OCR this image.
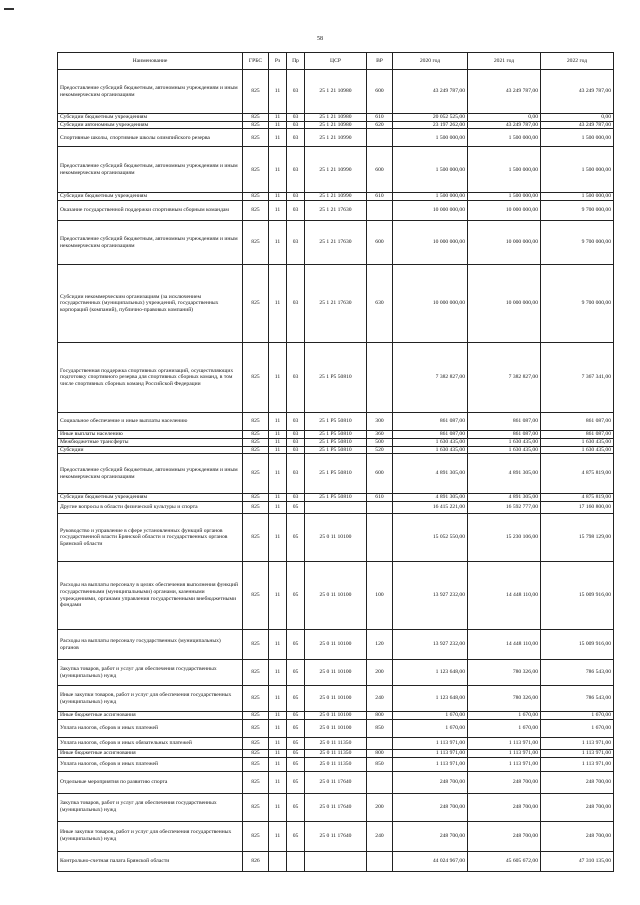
58
Наименование	ГРБС	Рз	Пр	ЦСР	ВР	2020 год	2021 год	2022 год
Предоставление субсидий бюджетным, автономным учреждениям и иным некоммерческим организациям	825	11	03	25 1 21 10980	600	43 249 787,00	43 249 787,00	43 249 787,00
Субсидии бюджетным учреждениям	825	11	03	25 1 21 10980	610	20 052 525,00	0,00	0,00
Субсидии автономным учреждениям	825	11	03	25 1 21 10980	620	23 197 262,00	43 249 787,00	43 249 787,00
Спортивные школы, спортивные школы олимпийского резерва	825	11	03	25 1 21 10990		1 500 000,00	1 500 000,00	1 500 000,00
Предоставление субсидий бюджетным, автономным учреждениям и иным некоммерческим организациям	825	11	03	25 1 21 10990	600	1 500 000,00	1 500 000,00	1 500 000,00
Субсидии бюджетным учреждениям	825	11	03	25 1 21 10990	610	1 500 000,00	1 500 000,00	1 500 000,00
Оказание государственной поддержки спортивным сборным командам	825	11	03	25 1 21 17630		10 000 000,00	10 000 000,00	9 700 000,00
Предоставление субсидий бюджетным, автономным учреждениям и иным некоммерческим организациям	825	11	03	25 1 21 17630	600	10 000 000,00	10 000 000,00	9 700 000,00
Субсидии некоммерческим организациям (за исключением государственных (муниципальных) учреждений, государственных корпораций (компаний), публично-правовых компаний)	825	11	03	25 1 21 17630	630	10 000 000,00	10 000 000,00	9 700 000,00
Государственная поддержка спортивных организаций, осуществляющих подготовку спортивного резерва для спортивных сборных команд, в том числе спортивных сборных команд Российской Федерации	825	11	03	25 1 P5 50810		7 382 827,00	7 382 827,00	7 367 341,00
Социальное обеспечение и иные выплаты населению	825	11	03	25 1 P5 50810	300	861 087,00	861 087,00	861 087,00
Иные выплаты населению	825	11	03	25 1 P5 50810	360	861 087,00	861 087,00	861 087,00
Межбюджетные трансферты	825	11	03	25 1 P5 50810	500	1 630 435,00	1 630 435,00	1 630 435,00
Субсидии	825	11	03	25 1 P5 50810	520	1 630 435,00	1 630 435,00	1 630 435,00
Предоставление субсидий бюджетным, автономным учреждениям и иным некоммерческим организациям	825	11	03	25 1 P5 50810	600	4 891 305,00	4 891 305,00	4 875 819,00
Субсидии бюджетным учреждениям	825	11	03	25 1 P5 50810	610	4 891 305,00	4 891 305,00	4 875 819,00
Другие вопросы в области физической культуры и спорта	825	11	05			16 415 221,00	16 592 777,00	17 160 800,00
Руководство и управление в сфере установленных функций органов государственной власти Брянской области и государственных органов Брянской области	825	11	05	25 0 11 10100		15 052 550,00	15 230 106,00	15 798 129,00
Расходы на выплаты персоналу в целях обеспечения выполнения функций государственными (муниципальными) органами, казенными учреждениями, органами управления государственными внебюджетными фондами	825	11	05	25 0 11 10100	100	13 927 232,00	14 448 110,00	15 009 916,00
Расходы на выплаты персоналу государственных (муниципальных) органов	825	11	05	25 0 11 10100	120	13 927 232,00	14 448 110,00	15 009 916,00
Закупка товаров, работ и услуг для обеспечения государственных (муниципальных) нужд	825	11	05	25 0 11 10100	200	1 123 648,00	780 326,00	786 543,00
Иные закупки товаров, работ и услуг для обеспечения государственных (муниципальных) нужд	825	11	05	25 0 11 10100	240	1 123 648,00	780 326,00	786 543,00
Иные бюджетные ассигнования	825	11	05	25 0 11 10100	800	1 670,00	1 670,00	1 670,00
Уплата налогов, сборов и иных платежей	825	11	05	25 0 11 10100	850	1 670,00	1 670,00	1 670,00
Уплата налогов, сборов и иных обязательных платежей	825	11	05	25 0 11 11350		1 113 971,00	1 113 971,00	1 113 971,00
Иные бюджетные ассигнования	825	11	05	25 0 11 11350	800	1 113 971,00	1 113 971,00	1 113 971,00
Уплата налогов, сборов и иных платежей	825	11	05	25 0 11 11350	850	1 113 971,00	1 113 971,00	1 113 971,00
Отдельные мероприятия по развитию спорта	825	11	05	25 0 11 17640		248 700,00	248 700,00	248 700,00
Закупка товаров, работ и услуг для обеспечения государственных (муниципальных) нужд	825	11	05	25 0 11 17640	200	248 700,00	248 700,00	248 700,00
Иные закупки товаров, работ и услуг для обеспечения государственных (муниципальных) нужд	825	11	05	25 0 11 17640	240	248 700,00	248 700,00	248 700,00
Контрольно-счетная палата Брянской области	826					44 024 967,00	45 605 672,00	47 310 135,00
